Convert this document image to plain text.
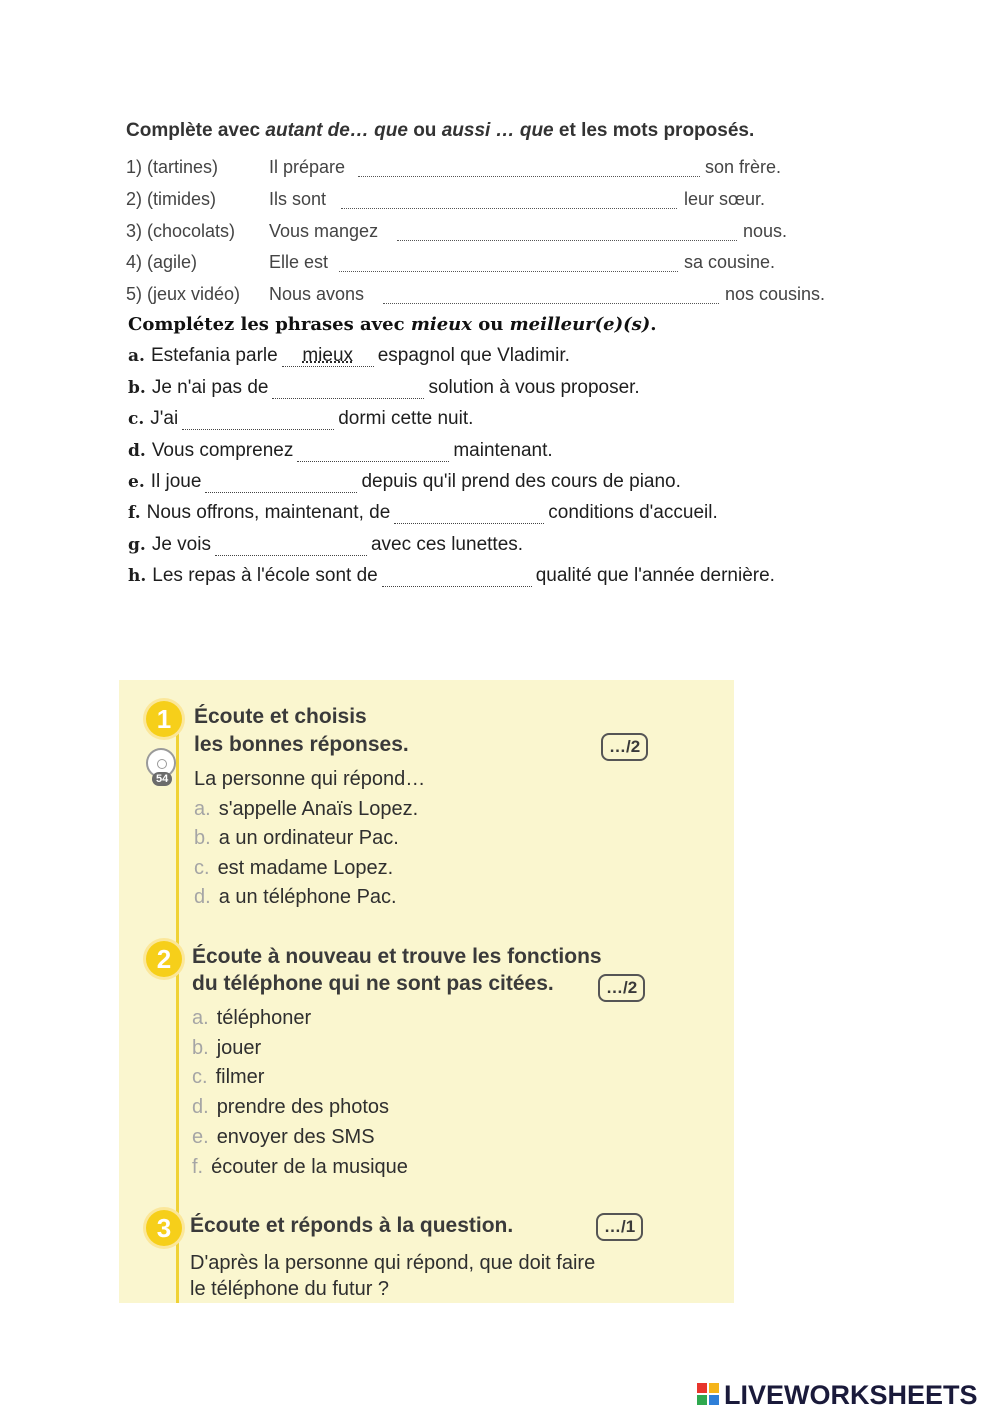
Complète avec autant de… que ou aussi … que et les mots proposés.
1) (tartines)	Il prépare	son frère.
2) (timides)	Ils sont	leur sœur.
3) (chocolats) Vous mangez	nous.
4) (agile)	Elle est	sa cousine.
5) (jeux vidéo) Nous avons	nos cousins.
Complétez les phrases avec mieux ou meilleur(e)(s).
a. Estefania parle	mieux	espagnol que Vladimir.
b. Je n'ai pas de	solution à vous proposer.
c. J'ai	dormi cette nuit.
d. Vous comprenez	maintenant.
e. Il joue	depuis qu'il prend des cours de piano.
f. Nous offrons, maintenant, de	conditions d'accueil.
g. Je vois	avec ces lunettes.
h. Les repas à l'école sont de	qualité que l'année dernière.
1	Écoute et choisis
les bonnes réponses.	…/2
54 La personne qui répond…
a. s'appelle Anaïs Lopez.
b. a un ordinateur Pac.
c. est madame Lopez.
d. a un téléphone Pac.
2 Écoute à nouveau et trouve les fonctions
du téléphone qui ne sont pas citées.	…/2
a. téléphoner
b. jouer
c. filmer
d. prendre des photos
e. envoyer des SMS
f. écouter de la musique
3 Écoute et réponds à la question.	…/1
D'après la personne qui répond, que doit faire
le téléphone du futur ?
LIVEWORKSHEETS
